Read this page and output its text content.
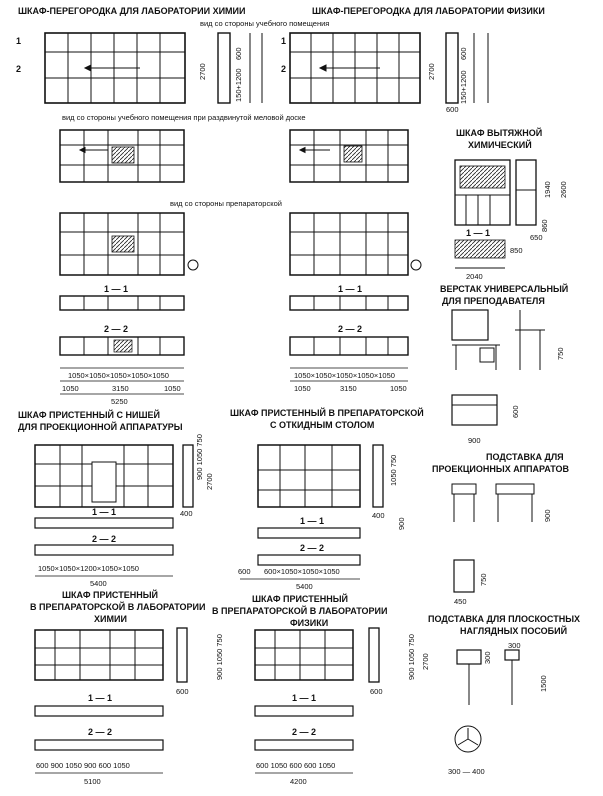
ШКАФ-ПЕРЕГОРОДКА ДЛЯ ЛАБОРАТОРИИ ХИМИИ	ШКАФ-ПЕРЕГОРОДКА ДЛЯ ЛАБОРАТОРИИ ФИЗИКИ
вид со стороны учебного помещения
вид со стороны учебного помещения при раздвинутой меловой доске
вид со стороны препараторской
ШКАФ ВЫТЯЖНОЙ
ХИМИЧЕСКИЙ
ВЕРСТАК УНИВЕРСАЛЬНЫЙ
ДЛЯ ПРЕПОДАВАТЕЛЯ
ШКАФ ПРИСТЕННЫЙ С НИШЕЙ
ДЛЯ ПРОЕКЦИОННОЙ АППАРАТУРЫ
ШКАФ ПРИСТЕННЫЙ В ПРЕПАРАТОРСКОЙ
С ОТКИДНЫМ СТОЛОМ
ПОДСТАВКА ДЛЯ
ПРОЕКЦИОННЫХ АППАРАТОВ
ШКАФ ПРИСТЕННЫЙ
В ПРЕПАРАТОРСКОЙ В ЛАБОРАТОРИИ
ХИМИИ
ШКАФ ПРИСТЕННЫЙ
В ПРЕПАРАТОРСКОЙ В ЛАБОРАТОРИИ
ФИЗИКИ	ПОДСТАВКА ДЛЯ ПЛОСКОСТНЫХ
НАГЛЯДНЫХ ПОСОБИЙ
1
2
1
2
1 — 1
2 — 2
1 — 1
2 — 2
1 — 1
1 — 1
2 — 2
1 — 1
2 — 2
1 — 1
2 — 2
1 — 1
2 — 2
2700
600
150+1200	2700
600
150+1200
600
1940 2600
860
650
850
2040
1050×1050×1050×1050×1050
1050	3150	1050
5250
1050×1050×1050×1050×1050
1050	3150	1050
750
600
900
900 1050 750
2700
400
1050×1050×1200×1050×1050
5400
1050 750
900
400
600 600×1050×1050×1050
5400
900
750
450
900 1050 750
600
600 900 1050 900 600 1050
5100
900 1050 750 2700
600
600 1050 600 600 1050
4200
300
300
1500
300 — 400
